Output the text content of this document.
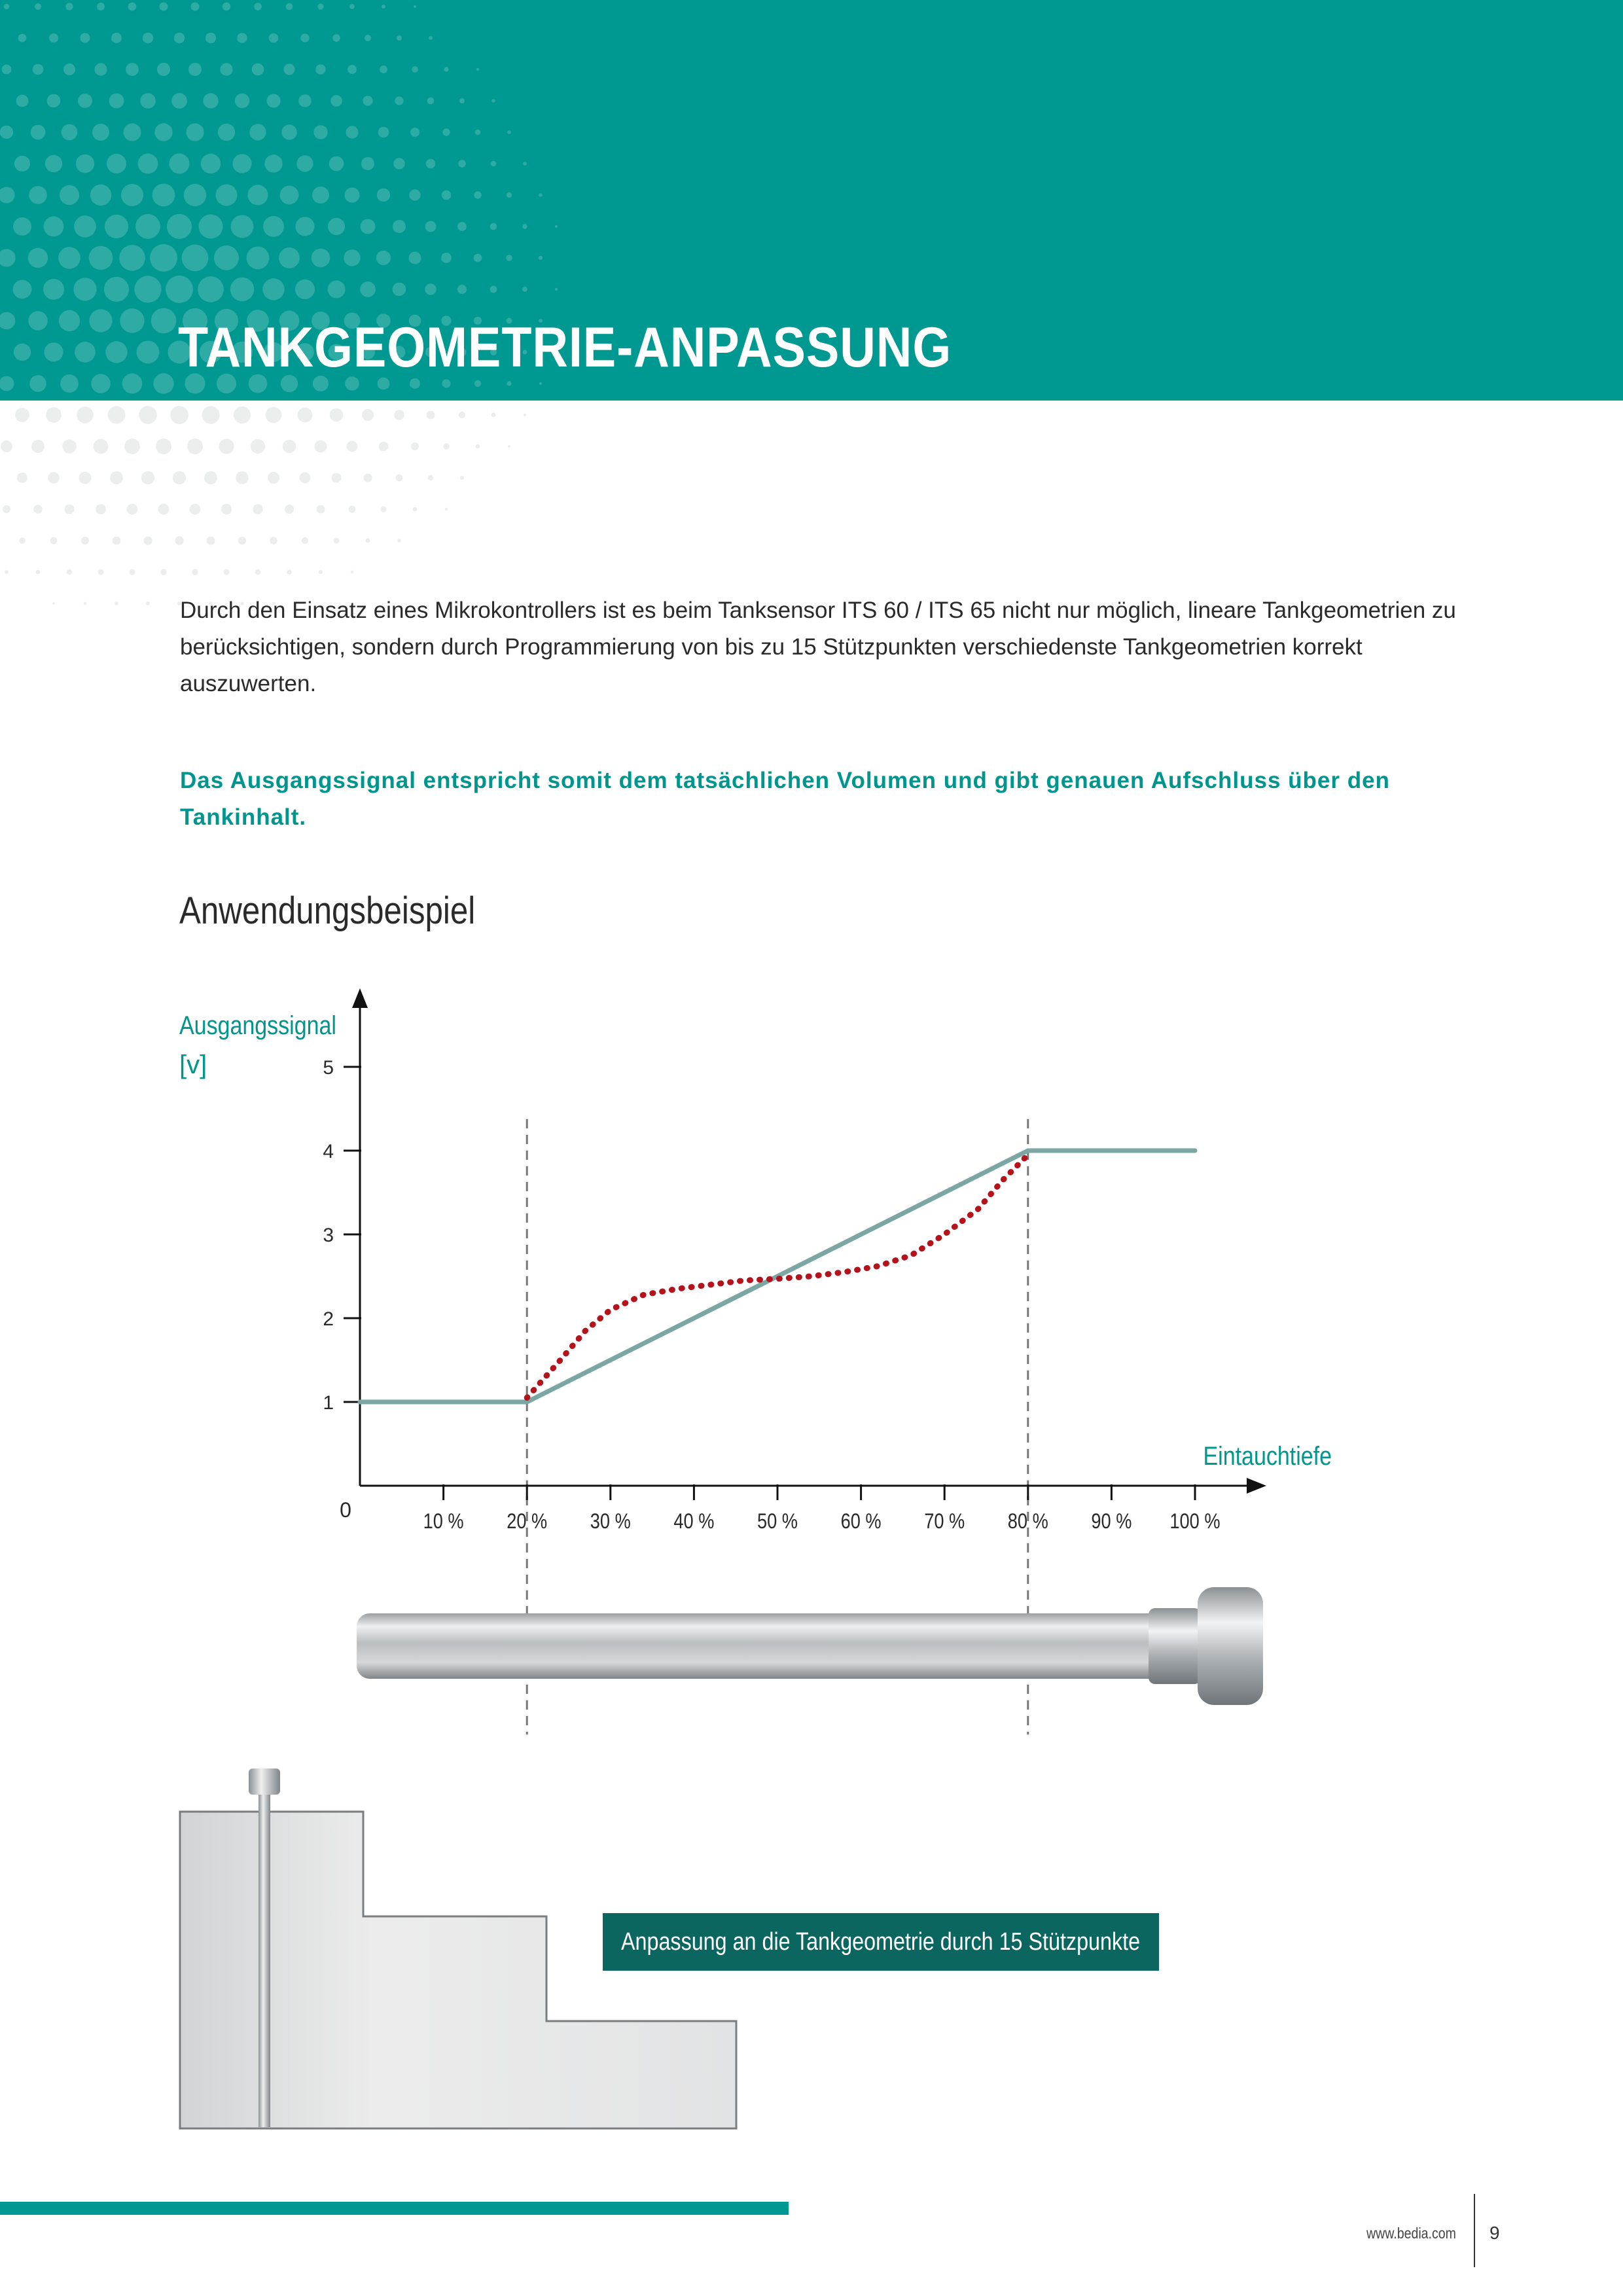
TANKGEOMETRIE-ANPASSUNG

Durch den Einsatz eines Mikrokontrollers ist es beim Tanksensor ITS 60 / ITS 65 nicht nur möglich, lineare Tankgeometrien zu berücksichtigen, sondern durch Programmierung von bis zu 15 Stützpunkten verschiedenste Tankgeometrien korrekt auszuwerten.

Das Ausgangssignal entspricht somit dem tatsächlichen Volumen und gibt genauen Aufschluss über den Tankinhalt.

Anwendungsbeispiel
Ausgangssignal
[v]
Eintauchtiefe
0
1
2
3
4
5
10 % 20 % 30 % 40 % 50 % 60 % 70 % 80 % 90 % 100 %
Anpassung an die Tankgeometrie durch 15 Stützpunkte
www.bedia.com 9
